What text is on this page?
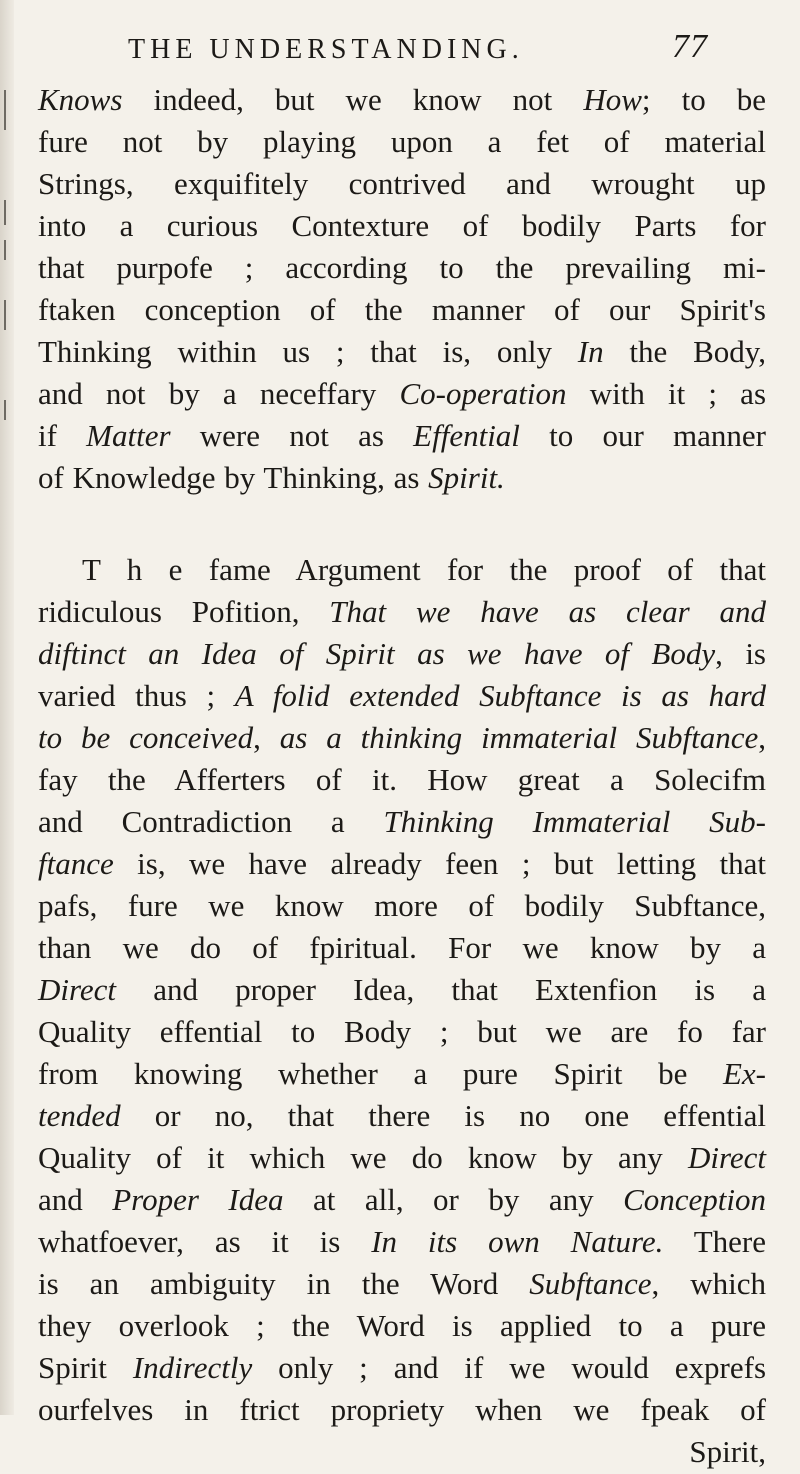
THE UNDERSTANDING.	77
Knows indeed, but we know not How; to be
fure not by playing upon a fet of material
Strings, exquifitely contrived and wrought up
into a curious Contexture of bodily Parts for
that purpofe ; according to the prevailing mi-
ftaken conception of the manner of our Spirit's
Thinking within us ; that is, only In the Body,
and not by a neceffary Co-operation with it ; as
if Matter were not as Effential to our manner
of Knowledge by Thinking, as Spirit.
T h e fame Argument for the proof of that
ridiculous Pofition, That we have as clear and
diftinct an Idea of Spirit as we have of Body, is
varied thus ; A folid extended Subftance is as hard
to be conceived, as a thinking immaterial Subftance,
fay the Afferters of it. How great a Solecifm
and Contradiction a Thinking Immaterial Sub-
ftance is, we have already feen ; but letting that
pafs, fure we know more of bodily Subftance,
than we do of fpiritual. For we know by a
Direct and proper Idea, that Extenfion is a
Quality effential to Body ; but we are fo far
from knowing whether a pure Spirit be Ex-
tended or no, that there is no one effential
Quality of it which we do know by any Direct
and Proper Idea at all, or by any Conception
whatfoever, as it is In its own Nature. There
is an ambiguity in the Word Subftance, which
they overlook ; the Word is applied to a pure
Spirit Indirectly only ; and if we would exprefs
ourfelves in ftrict propriety when we fpeak of
Spirit,
